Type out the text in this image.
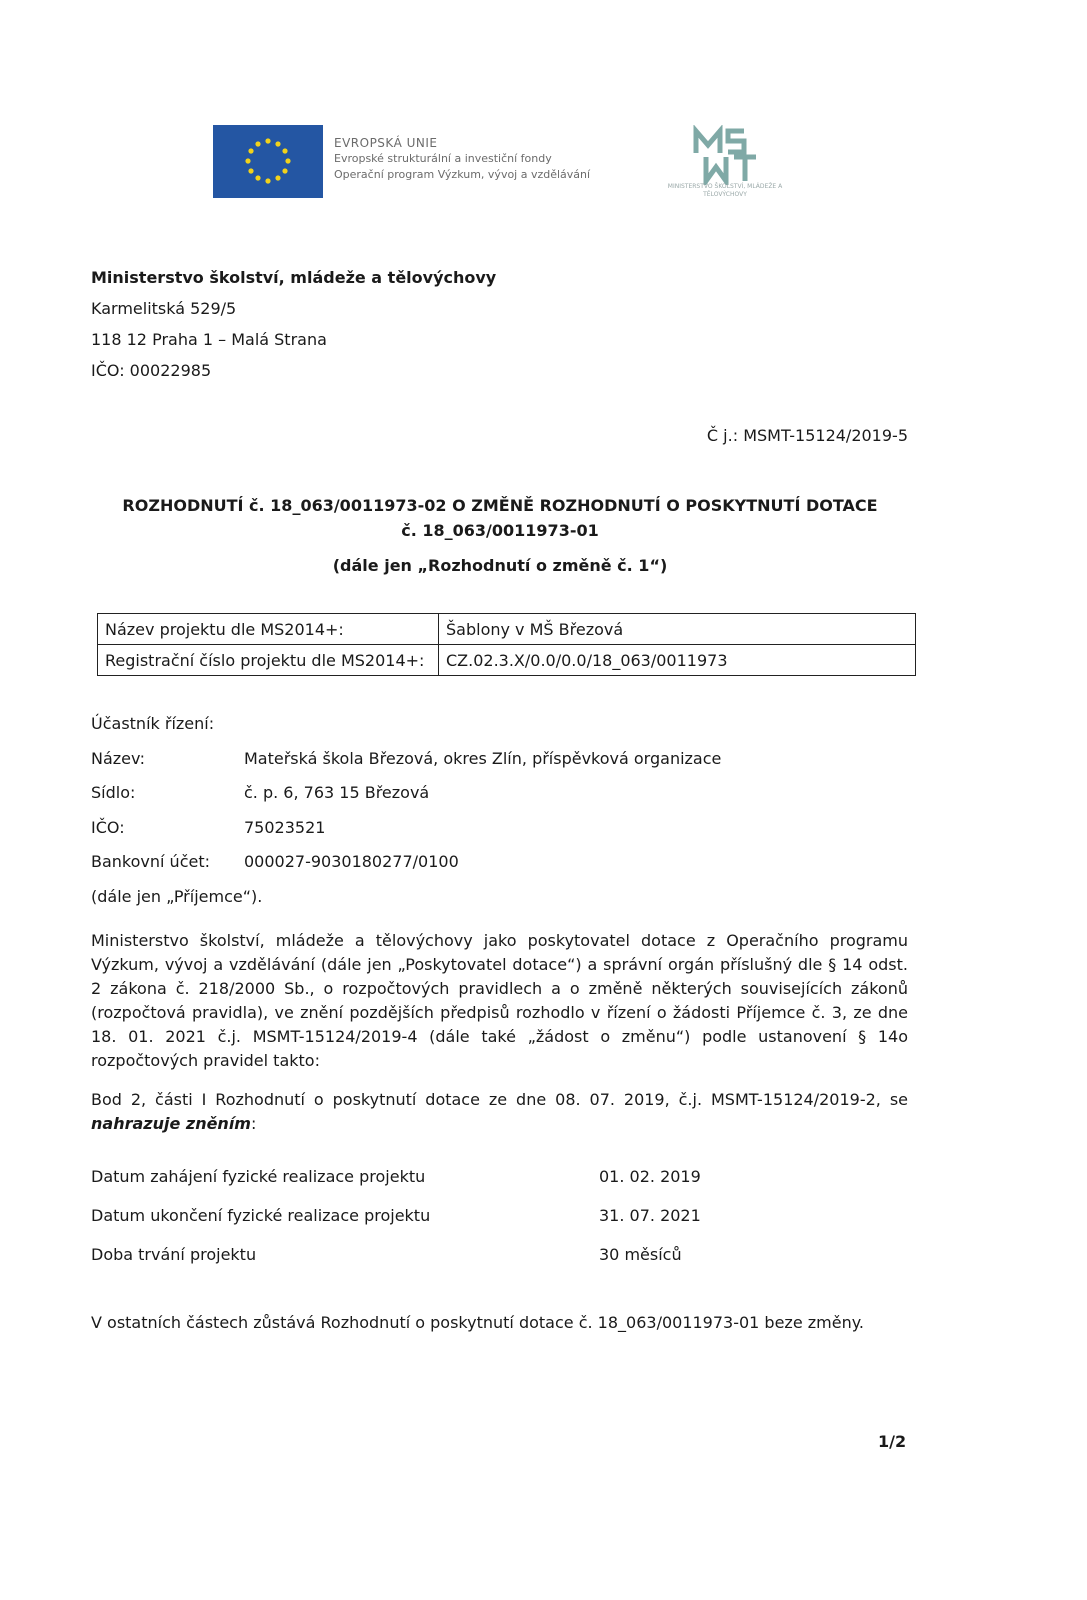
EVROPSKÁ UNIE
Evropské strukturální a investiční fondy
Operační program Výzkum, vývoj a vzdělávání
MINISTERSTVO ŠKOLSTVÍ, MLÁDEŽE A TĚLOVÝCHOVY
Ministerstvo školství, mládeže a tělovýchovy
Karmelitská 529/5
118 12 Praha 1 – Malá Strana
IČO: 00022985
Č j.: MSMT-15124/2019-5
ROZHODNUTÍ č. 18_063/0011973-02 O ZMĚNĚ ROZHODNUTÍ O POSKYTNUTÍ DOTACE
č. 18_063/0011973-01
(dále jen „Rozhodnutí o změně č. 1“)
Název projektu dle MS2014+:	Šablony v MŠ Březová
Registrační číslo projektu dle MS2014+:	CZ.02.3.X/0.0/0.0/18_063/0011973
Účastník řízení:
Název:	Mateřská škola Březová, okres Zlín, příspěvková organizace
Sídlo:	č. p. 6, 763 15 Březová
IČO:	75023521
Bankovní účet:	000027-9030180277/0100
(dále jen „Příjemce“).
Ministerstvo školství, mládeže a tělovýchovy jako poskytovatel dotace z Operačního programu Výzkum, vývoj a vzdělávání (dále jen „Poskytovatel dotace“) a správní orgán příslušný dle § 14 odst. 2 zákona č. 218/2000 Sb., o rozpočtových pravidlech a o změně některých souvisejících zákonů (rozpočtová pravidla), ve znění pozdějších předpisů rozhodlo v řízení o žádosti Příjemce č. 3, ze dne 18. 01. 2021 č.j. MSMT-15124/2019-4 (dále také „žádost o změnu“) podle ustanovení § 14o rozpočtových pravidel takto:
Bod 2, části I Rozhodnutí o poskytnutí dotace ze dne 08. 07. 2019, č.j. MSMT-15124/2019-2, se nahrazuje zněním:
Datum zahájení fyzické realizace projektu	01. 02. 2019
Datum ukončení fyzické realizace projektu	31. 07. 2021
Doba trvání projektu	30 měsíců
V ostatních částech zůstává Rozhodnutí o poskytnutí dotace č. 18_063/0011973-01 beze změny.
1/2
